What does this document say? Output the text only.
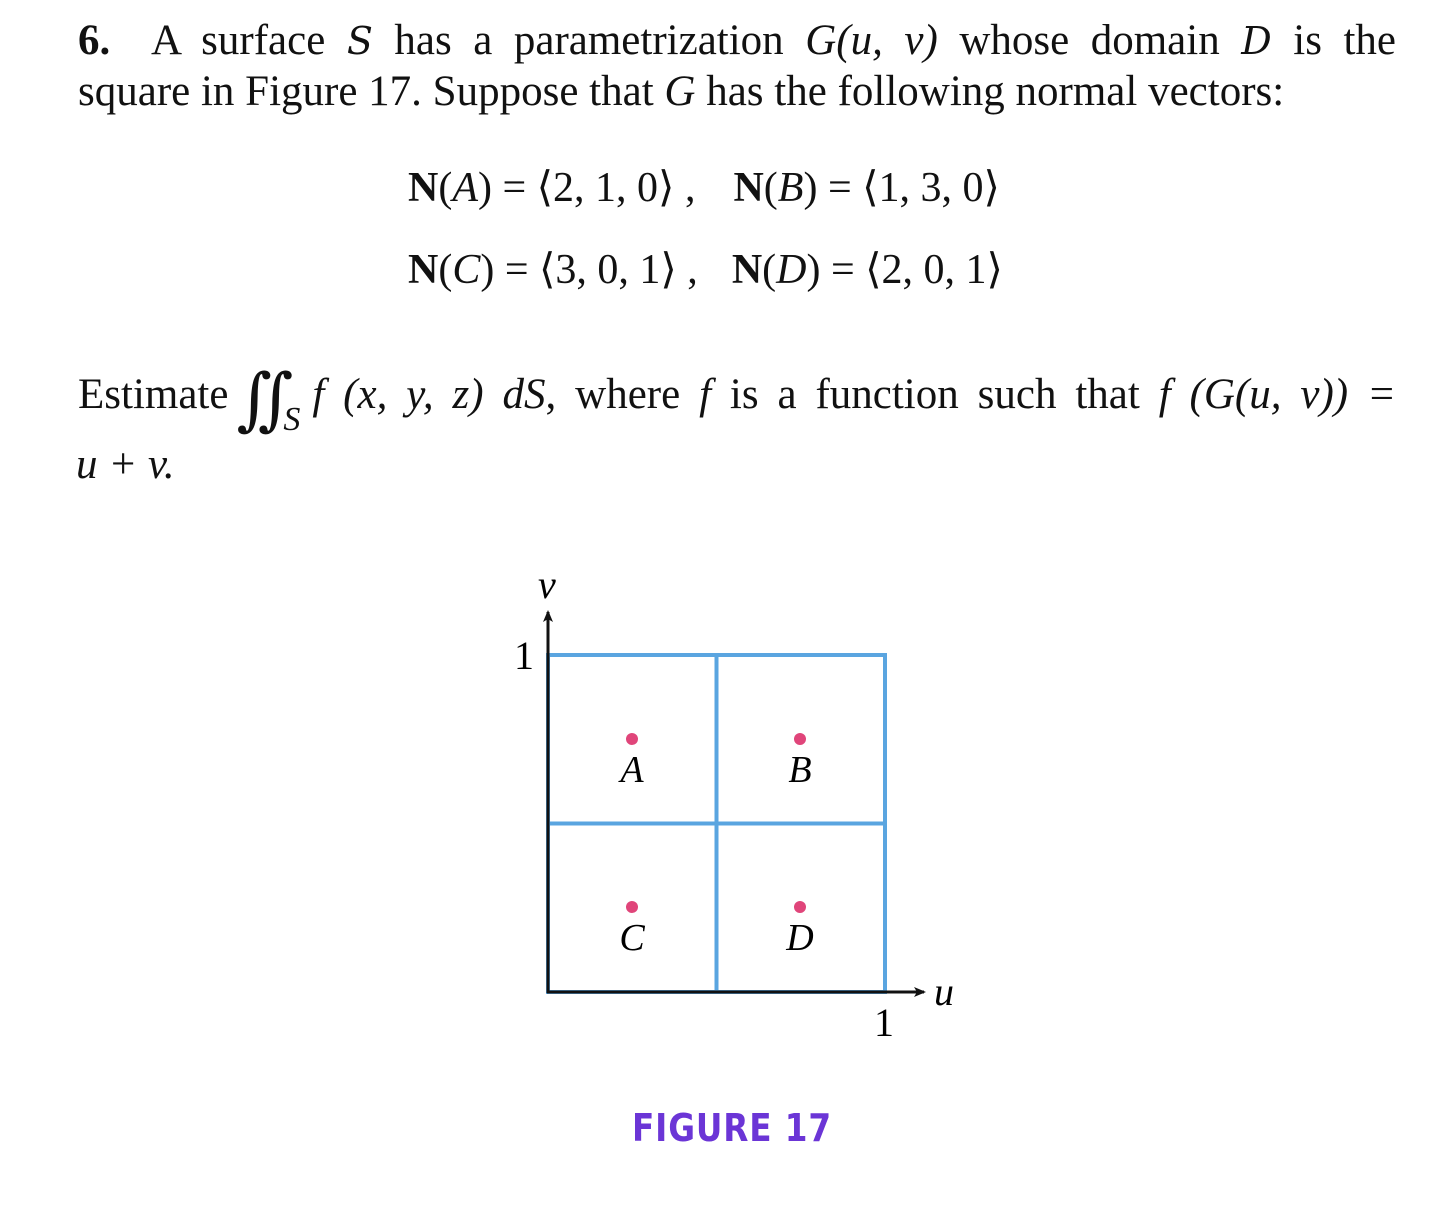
6. A surface S has a parametrization G(u, v) whose domain D is the
square in Figure 17. Suppose that G has the following normal vectors:
N(A) = ⟨2, 1, 0⟩ , N(B) = ⟨1, 3, 0⟩
N(C) = ⟨3, 0, 1⟩ , N(D) = ⟨2, 0, 1⟩
Estimate ∫∫ $_S$f (x, y, z) dS, where f is a function such that f (G(u, v)) =
u + v.
v
u
1
1
A	B
C	D
FIGURE 17
